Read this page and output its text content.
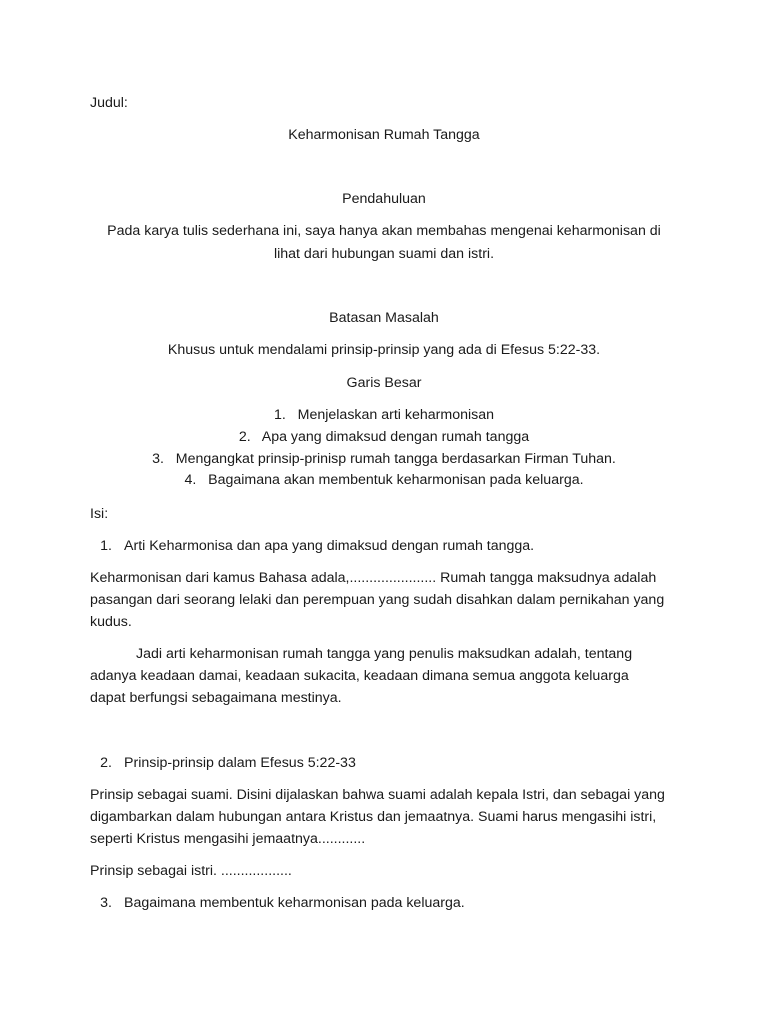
Judul:

Keharmonisan Rumah Tangga

Pendahuluan

Pada karya tulis sederhana ini, saya hanya akan membahas mengenai keharmonisan di

lihat dari hubungan suami dan istri.

Batasan Masalah

Khusus untuk mendalami prinsip-prinsip yang ada di Efesus 5:22-33.

Garis Besar

1. Menjelaskan arti keharmonisan

2. Apa yang dimaksud dengan rumah tangga

3. Mengangkat prinsip-prinisp rumah tangga berdasarkan Firman Tuhan.

4. Bagaimana akan membentuk keharmonisan pada keluarga.

Isi:

1. Arti Keharmonisa dan apa yang dimaksud dengan rumah tangga.

Keharmonisan dari kamus Bahasa adala,...................... Rumah tangga maksudnya adalah
pasangan dari seorang lelaki dan perempuan yang sudah disahkan dalam pernikahan yang
kudus.
Jadi arti keharmonisan rumah tangga yang penulis maksudkan adalah, tentang
adanya keadaan damai, keadaan sukacita, keadaan dimana semua anggota keluarga
dapat berfungsi sebagaimana mestinya.

2. Prinsip-prinsip dalam Efesus 5:22-33

Prinsip sebagai suami. Disini dijalaskan bahwa suami adalah kepala Istri, dan sebagai yang
digambarkan dalam hubungan antara Kristus dan jemaatnya. Suami harus mengasihi istri,
seperti Kristus mengasihi jemaatnya............

Prinsip sebagai istri. ..................

3. Bagaimana membentuk keharmonisan pada keluarga.
